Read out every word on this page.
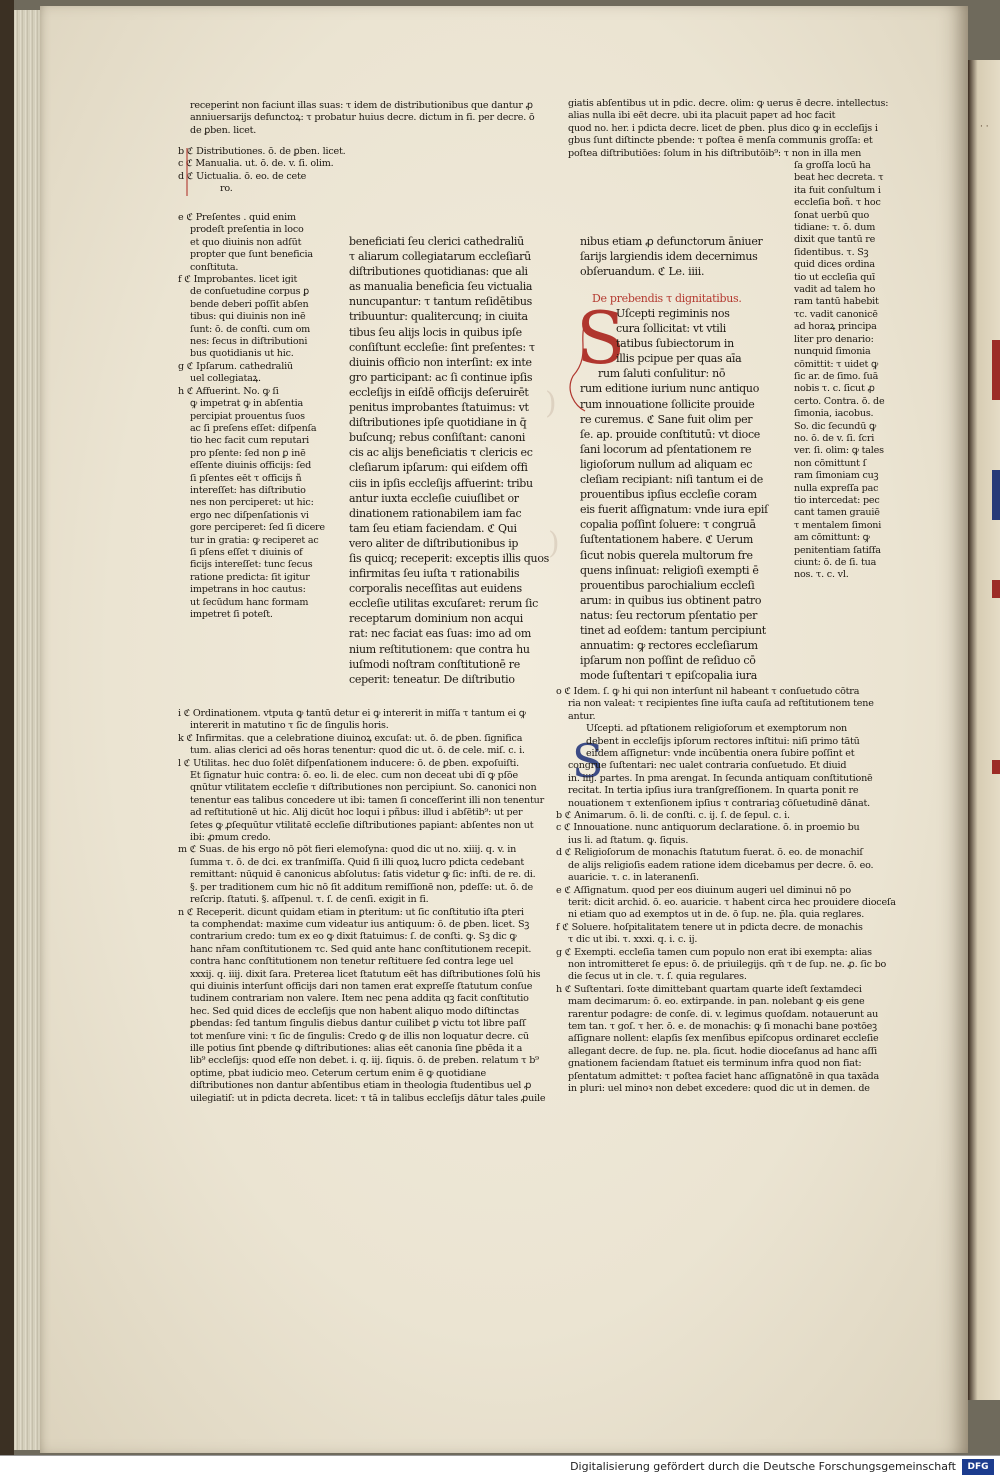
)
)
receperint non faciunt illas suas: τ idem de distributionibus que dantur ꝓ
anniuersarijs defunctoꝝ: τ probatur huius decre. dictum in fi. per decre. ō
de ꝑben. licet.
b ℭ Distributiones. ō. de ꝑben. licet.
c ℭ Manualia. ut. ō. de. v. ſi. olim.
d ℭ Uictualia. ō. eo. de cete
ro.
e ℭ Preſentes . quid enim
prodeſt preſentia in loco
et quo diuinis non adſūt
propter que ſunt beneficia
conſtituta.
f ℭ Improbantes. licet igit
de conſuetudine corpus ꝑ
bende deberi poſſit abſen
tibus: qui diuinis non inē
ſunt: ō. de conſti. cum om
nes: ſecus in diſtributioni
bus quotidianis ut hic.
g ℭ Ipſarum. cathedraliū
uel collegiataꝝ.
h ℭ Affuerint. No. ꝙ ſi
ꝙ impetrat ꝙ in abſentia
percipiat prouentus ſuos
ac ſi preſens eſſet: diſpenſa
tio hec facit cum reputari
pro pſente: ſed non ꝑ inē
eſſente diuinis officijs: ſed
ſi pſentes eēt τ officijs ñ
intereſſet: has diſtributio
nes non perciperet: ut hic:
ergo nec diſpenſationis vi
gore perciperet: ſed ſi dicere
tur in gratia: ꝙ reciperet ac
ſi pſens eſſet τ diuinis of
ficijs intereſſet: tunc ſecus
ratione predicta: ſit igitur
impetrans in hoc cautus:
ut ſecūdum hanc formam
impetret ſi poteſt.
beneficiati ſeu clerici cathedraliū
τ aliarum collegiatarum eccleſiarū
diſtributiones quotidianas: que ali
as manualia beneficia ſeu victualia
nuncupantur: τ tantum reſidētibus
tribuuntur: qualitercunq; in ciuita
tibus ſeu alijs locis in quibus ipſe
conſiſtunt eccleſie: ſint preſentes: τ
diuinis officio non interſint: ex inte
gro participant: ac ſi continue ipſis
eccleſijs in eiſdē officijs deſeruirēt
penitus improbantes ſtatuimus: vt
diſtributiones ipſe quotidiane in q̄
buſcunq; rebus conſiſtant: canoni
cis ac alijs beneficiatis τ clericis ec
cleſiarum ipſarum: qui eiſdem offi
ciis in ipſis eccleſijs affuerint: tribu
antur iuxta eccleſie cuiuſlibet or
dinationem rationabilem iam fac
tam ſeu etiam faciendam. ℭ Qui
vero aliter de diſtributionibus ip
ſis quicq; receperit: exceptis illis quos
infirmitas ſeu iuſta τ rationabilis
corporalis neceſſitas aut euidens
eccleſie utilitas excuſaret: rerum ſic
receptarum dominium non acqui
rat: nec faciat eas ſuas: imo ad om
nium reſtitutionem: que contra hu
iuſmodi noſtram conſtitutionē re
ceperit: teneatur. De diſtributio
i ℭ Ordinationem. vtputa ꝙ tantū detur ei ꝙ intererit in miſſa τ tantum ei ꝙ
intererit in matutino τ ſic de ſingulis horis.
k ℭ Infirmitas. que a celebratione diuinoꝝ excuſat: ut. ō. de ꝑben. ſignifica
tum. alias clerici ad oēs horas tenentur: quod dic ut. ō. de cele. miſ. c. i.
l ℭ Utilitas. hec duo ſolēt diſpenſationem inducere: ō. de ꝑben. expoſuiſti.
Et ſignatur huic contra: ō. eo. li. de elec. cum non deceat ubi dī ꝙ pſōe
qnūtur vtilitatem eccleſie τ diſtributiones non percipiunt. So. canonici non
tenentur eas talibus concedere ut ibi: tamen ſi conceſſerint illi non tenentur
ad reſtitutionē ut hic. Alij dicūt hoc loqui i pñbus: illud i abſētib⁹: ut per
ſetes ꝙ ꝓſequūtur vtilitatē eccleſie diſtributiones papiant: abſentes non ut
ibi: ꝓmum credo.
m ℭ Suas. de his ergo nō pōt fieri elemoſyna: quod dic ut no. xiiij. q. v. in
ſumma τ. ō. de dci. ex tranſmiſſa. Quid ſi illi quoꝝ lucro pdicta cedebant
remittant: nūquid ē canonicus abſolutus: ſatis videtur ꝙ ſic: inſti. de re. di.
§. per traditionem cum hic nō ſit additum remiſſionē non, pdeſſe: ut. ō. de
reſcrip. ſtatuti. §. aſſpenul. τ. ſ. de cenſi. exigit in fi.
n ℭ Receperit. dicunt quidam etiam in ꝑteritum: ut ſic conſtitutio iſta ꝑteri
ta comphendat: maxime cum videatur ius antiquum: ō. de ꝑben. licet. Sꝫ
contrarium credo: tum ex eo ꝙ dixit ſtatuimus: ſ. de conſti. ꝙ. Sꝫ dic ꝙ
hanc nr̄am conſtitutionem τc. Sed quid ante hanc conſtitutionem recepit.
contra hanc conſtitutionem non tenetur reſtituere ſed contra lege uel
xxxij. q. iiij. dixit ſara. Preterea licet ſtatutum eēt has diſtributiones ſolū his
qui diuinis interſunt officijs dari non tamen erat expreſſe ſtatutum conſue
tudinem contrariam non valere. Item nec pena addita qꝫ facit conſtitutio
hec. Sed quid dices de eccleſijs que non habent aliquo modo diſtinctas
ꝑbendas: ſed tantum ſingulis diebus dantur cuilibet ꝑ victu tot libre paſſ
tot menſure vini: τ ſic de ſingulis: Credo ꝙ de illis non loquatur decre. cū
ille potius ſint ꝑbende ꝙ diſtributiones: alias eēt canonia ſine ꝑbēda it a
lib⁹ eccleſijs: quod eſſe non debet. i. q. iij. ſiquis. ō. de preben. relatum τ b⁹
optime, pbat iudicio meo. Ceterum certum enim ē ꝙ quotidiane
diſtributiones non dantur abſentibus etiam in theologia ſtudentibus uel ꝓ
uilegiatiſ: ut in pdicta decreta. licet: τ tā in talibus eccleſijs dātur tales ꝓuile
giatis abſentibus ut in pdic. decre. olim: ꝙ uerus ē decre. intellectus:
alias nulla ibi eēt decre. ubi ita placuit papeτ ad hoc facit
quod no. her. i pdicta decre. licet de ꝑben. plus dico ꝙ in eccleſijs i
gbus ſunt diſtincte pbende: τ poſtea ē menſa communis groſſa: et
poſtea diſtributiōes: ſolum in his diſtributōib⁹: τ non in illa men
ſa groſſa locū ha
beat hec decreta. τ
ita fuit conſultum i
eccleſia boñ. τ hoc
ſonat uerbū quo
tidiane: τ. ō. dum
dixit que tantū re
ſidentibus. τ. Sꝫ
quid dices ordina
tio ut eccleſia quī
vadit ad talem ho
ram tantū habebit
τc. vadit canonicē
ad horaꝝ principa
liter pro denario:
nunquid ſimonia
cōmittit: τ uidet ꝙ
ſic ar. de ſimo. ſuā
nobis τ. c. ſicut ꝓ
certo. Contra. ō. de
ſimonia, iacobus.
So. dic ſecundū ꝙ
no. ō. de v. ſi. ſcri
ver. ſi. olim: ꝙ tales
non cōmittunt ſ
ram ſimoniam cuꝫ
nulla expreſſa pac
tio intercedat: pec
cant tamen grauiē
τ mentalem ſimoni
am cōmittunt: ꝙ
penitentiam ſatiſfa
ciunt: ō. de ſi. tua
nos. τ. c. vl.
nibus etiam ꝓ defunctorum āniuer
ſarijs largiendis idem decernimus
obſeruandum. ℭ Le. iiii.
De prebendis τ dignitatibus.
S
Uſcepti regiminis nos
cura ſollicitat: vt vtili
tatibus ſubiectorum in
illis pcipue per quas aīa
rum ſaluti conſulitur: nō
rum editione iurium nunc antiquo
rum innouatione ſollicite prouide
re curemus. ℭ Sane fuit olim per
ſe. ap. prouide conſtitutū: vt dioce
ſani locorum ad pſentationem re
ligioſorum nullum ad aliquam ec
cleſiam recipiant: niſi tantum ei de
prouentibus ipſius eccleſie coram
eis fuerit aſſignatum: vnde iura epiſ
copalia poſſint ſoluere: τ congruā
ſuſtentationem habere. ℭ Uerum
ſicut nobis querela multorum fre
quens inſinuat: religioſi exempti ē
prouentibus parochialium eccleſi
arum: in quibus ius obtinent patro
natus: ſeu rectorum pſentatio per
tinet ad eoſdem: tantum percipiunt
annuatim: ꝙ rectores eccleſiarum
ipſarum non poſſint de reſiduo cō
mode ſuſtentari τ epiſcopalia iura
S
o ℭ Idem. ſ. ꝙ hi qui non interſunt nil habeant τ conſuetudo cōtra
ria non valeat: τ recipientes ſine iuſta cauſa ad reſtitutionem tene
antur.
Uſcepti. ad pſtationem religioſorum et exemptorum non
debent in eccleſijs ipſorum rectores inſtitui: niſi primo tātū
eiſdem aſſignetur: vnde incūbentia onera ſubire poſſint et
congrue ſuſtentari: nec ualet contraria conſuetudo. Et diuid
in. iiij. partes. In pma arengat. In ſecunda antiquam conſtitutionē
recitat. In tertia ipſius iura tranſgreſſionem. In quarta ponit re
nouationem τ extenſionem ipſius τ contrariaꝫ cōſuetudinē dānat.
b ℭ Animarum. ō. li. de conſti. c. ij. ſ. de ſepul. c. i.
c ℭ Innouatione. nunc antiquorum declaratione. ō. in proemio bu
ius li. ad ſtatum. ꝙ. ſiquis.
d ℭ Religioſorum de monachis ſtatutum fuerat. ō. eo. de monachiſ
de alijs religioſis eadem ratione idem dicebamus per decre. ō. eo.
auaricie. τ. c. in lateranenſi.
e ℭ Aſſignatum. quod per eos diuinum augeri uel diminui nō po
terit: dicit archid. ō. eo. auaricie. τ habent circa hec prouidere dioceſa
ni etiam quo ad exemptos ut in de. ō ſup. ne. p̄la. quia reglares.
f ℭ Soluere. hoſpitalitatem tenere ut in pdicta decre. de monachis
τ dic ut ibi. τ. xxxi. q. i. c. ij.
g ℭ Exempti. eccleſia tamen cum populo non erat ibi exempta: alias
non intromitteret ſe epus: ō. de priuilegijs. qm̄ τ de ſup. ne. ꝓ. ſic bo
die ſecus ut in cle. τ. ſ. quia regulares.
h ℭ Suſtentari. ſoꝛte dimittebant quartam quarte ideſt ſextamdeci
mam decimarum: ō. eo. extirpande. in pan. nolebant ꝙ eis gene
rarentur podagre: de conſe. di. v. legimus quoſdam. notauerunt au
tem tan. τ goſ. τ her. ō. e. de monachis: ꝙ ſi monachi bane poꝛtōeꝫ
aſſignare nollent: elapſis ſex menſibus epiſcopus ordinaret eccleſie
allegant decre. de ſup. ne. pla. ſicut. hodie dioceſanus ad hanc aſſi
gnationem faciendam ſtatuet eis terminum infra quod non fiat:
pſentatum admittet: τ poſtea faciet hanc aſſignatōnē in qua taxāda
in pluri: uel minoꝛ non debet excedere: quod dic ut in demen. de
· ·
Digitalisierung gefördert durch die Deutsche Forschungsgemeinschaft	DFG
